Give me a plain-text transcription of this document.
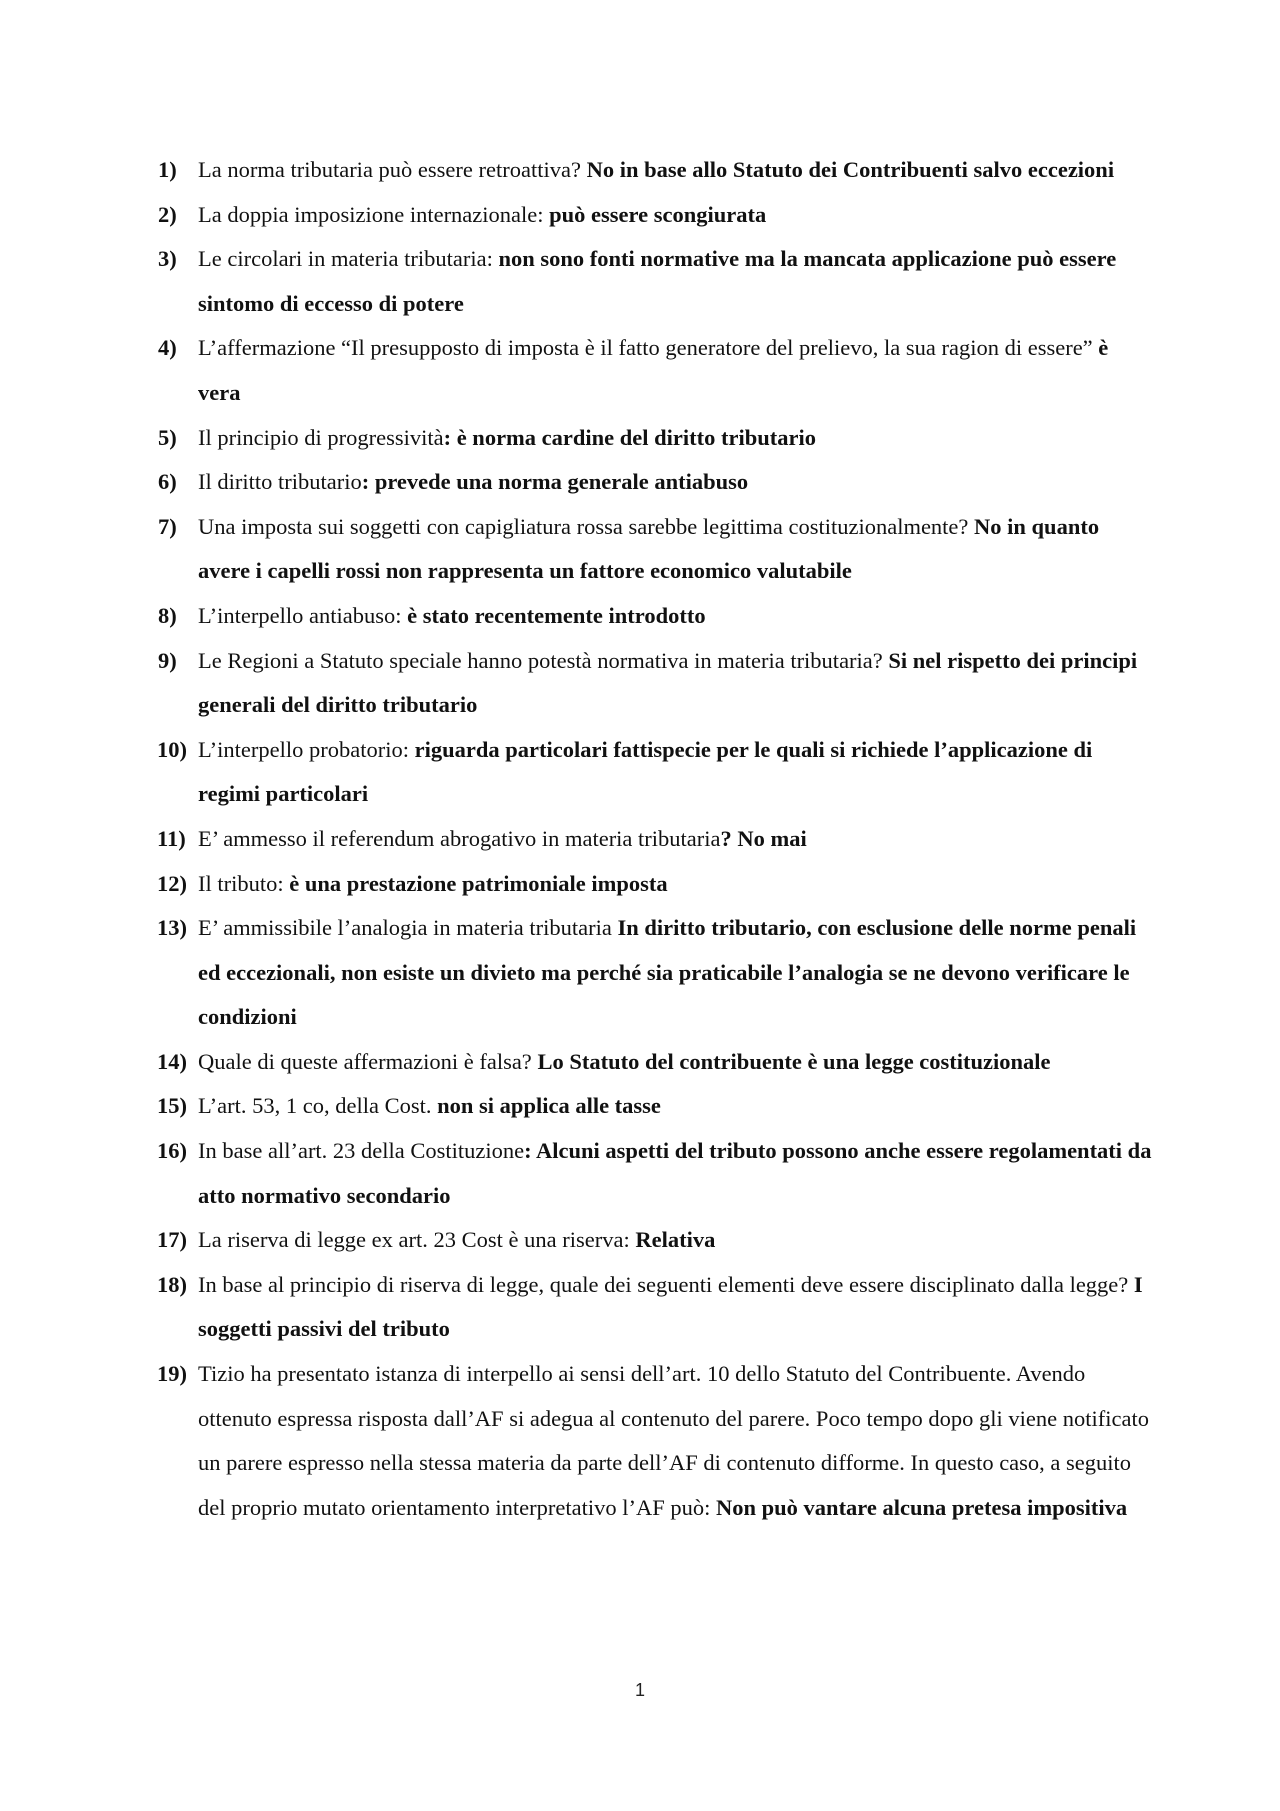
1) La norma tributaria può essere retroattiva? No in base allo Statuto dei Contribuenti salvo eccezioni
2) La doppia imposizione internazionale: può essere scongiurata
3) Le circolari in materia tributaria: non sono fonti normative ma la mancata applicazione può essere sintomo di eccesso di potere
4) L’affermazione “Il presupposto di imposta è il fatto generatore del prelievo, la sua ragion di essere” è vera
5) Il principio di progressività: è norma cardine del diritto tributario
6) Il diritto tributario: prevede una norma generale antiabuso
7) Una imposta sui soggetti con capigliatura rossa sarebbe legittima costituzionalmente? No in quanto avere i capelli rossi non rappresenta un fattore economico valutabile
8) L’interpello antiabuso: è stato recentemente introdotto
9) Le Regioni a Statuto speciale hanno potestà normativa in materia tributaria? Si nel rispetto dei principi generali del diritto tributario
10) L’interpello probatorio: riguarda particolari fattispecie per le quali si richiede l’applicazione di regimi particolari
11) E’ ammesso il referendum abrogativo in materia tributaria? No mai
12) Il tributo: è una prestazione patrimoniale imposta
13) E’ ammissibile l’analogia in materia tributaria In diritto tributario, con esclusione delle norme penali ed eccezionali, non esiste un divieto ma perché sia praticabile l’analogia se ne devono verificare le condizioni
14) Quale di queste affermazioni è falsa? Lo Statuto del contribuente è una legge costituzionale
15) L’art. 53, 1 co, della Cost. non si applica alle tasse
16) In base all’art. 23 della Costituzione: Alcuni aspetti del tributo possono anche essere regolamentati da atto normativo secondario
17) La riserva di legge ex art. 23 Cost è una riserva: Relativa
18) In base al principio di riserva di legge, quale dei seguenti elementi deve essere disciplinato dalla legge? I soggetti passivi del tributo
19) Tizio ha presentato istanza di interpello ai sensi dell’art. 10 dello Statuto del Contribuente. Avendo ottenuto espressa risposta dall’AF si adegua al contenuto del parere. Poco tempo dopo gli viene notificato un parere espresso nella stessa materia da parte dell’AF di contenuto difforme. In questo caso, a seguito del proprio mutato orientamento interpretativo l’AF può: Non può vantare alcuna pretesa impositiva
1
